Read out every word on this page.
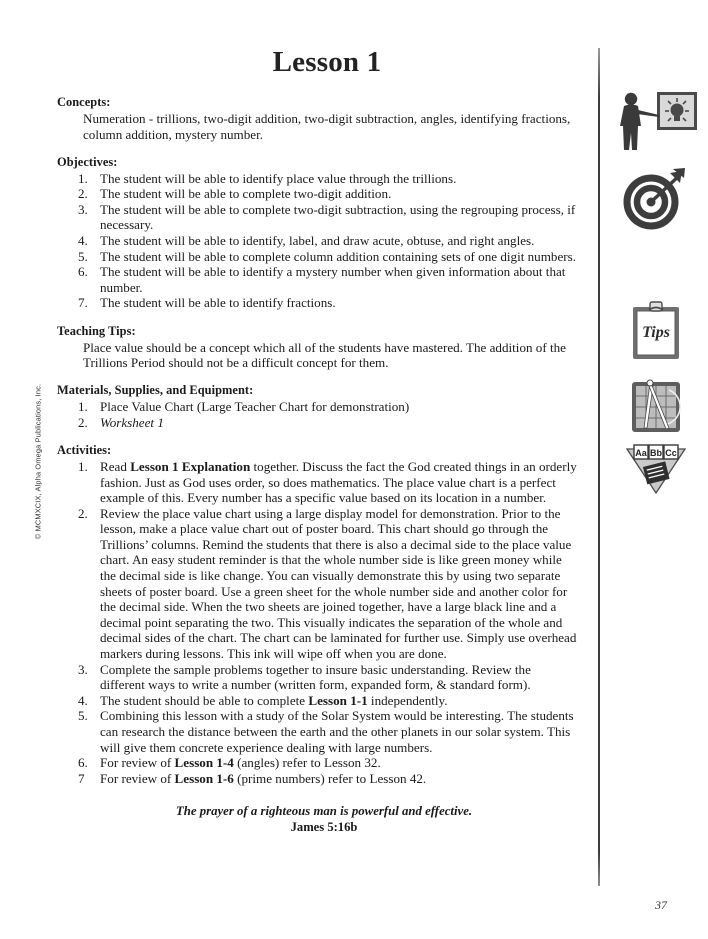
© MCMXCIX, Alpha Omega Publications, Inc.
Lesson 1
Concepts:

Numeration - trillions, two-digit addition, two-digit subtraction, angles, identifying fractions, column addition, mystery number.

Objectives:
1. The student will be able to identify place value through the trillions.
2. The student will be able to complete two-digit addition.
3. The student will be able to complete two-digit subtraction, using the regrouping process, if necessary.
4. The student will be able to identify, label, and draw acute, obtuse, and right angles.
5. The student will be able to complete column addition containing sets of one digit numbers.
6. The student will be able to identify a mystery number when given information about that number.
7. The student will be able to identify fractions.
Teaching Tips:

Place value should be a concept which all of the students have mastered. The addition of the Trillions Period should not be a difficult concept for them.

Materials, Supplies, and Equipment:
1. Place Value Chart (Large Teacher Chart for demonstration)
2. Worksheet 1
Activities:
1. Read Lesson 1 Explanation together. Discuss the fact the God created things in an orderly fashion. Just as God uses order, so does mathematics. The place value chart is a perfect example of this. Every number has a specific value based on its location in a number.
2. Review the place value chart using a large display model for demonstration. Prior to the lesson, make a place value chart out of poster board. This chart should go through the Trillions’ columns. Remind the students that there is also a decimal side to the place value chart. An easy student reminder is that the whole number side is like green money while the decimal side is like change. You can visually demonstrate this by using two separate sheets of poster board. Use a green sheet for the whole number side and another color for the decimal side. When the two sheets are joined together, have a large black line and a decimal point separating the two. This visually indicates the separation of the whole and decimal sides of the chart. The chart can be laminated for further use. Simply use overhead markers during lessons. This ink will wipe off when you are done.
3. Complete the sample problems together to insure basic understanding. Review the different ways to write a number (written form, expanded form, & standard form).
4. The student should be able to complete Lesson 1-1 independently.
5. Combining this lesson with a study of the Solar System would be interesting. The students can research the distance between the earth and the other planets in our solar system. This will give them concrete experience dealing with large numbers.
6. For review of Lesson 1-4 (angles) refer to Lesson 32.
7	For review of Lesson 1-6 (prime numbers) refer to Lesson 42.
The prayer of a righteous man is powerful and effective.
James 5:16b
37
Tips
Aa Bb Cc
